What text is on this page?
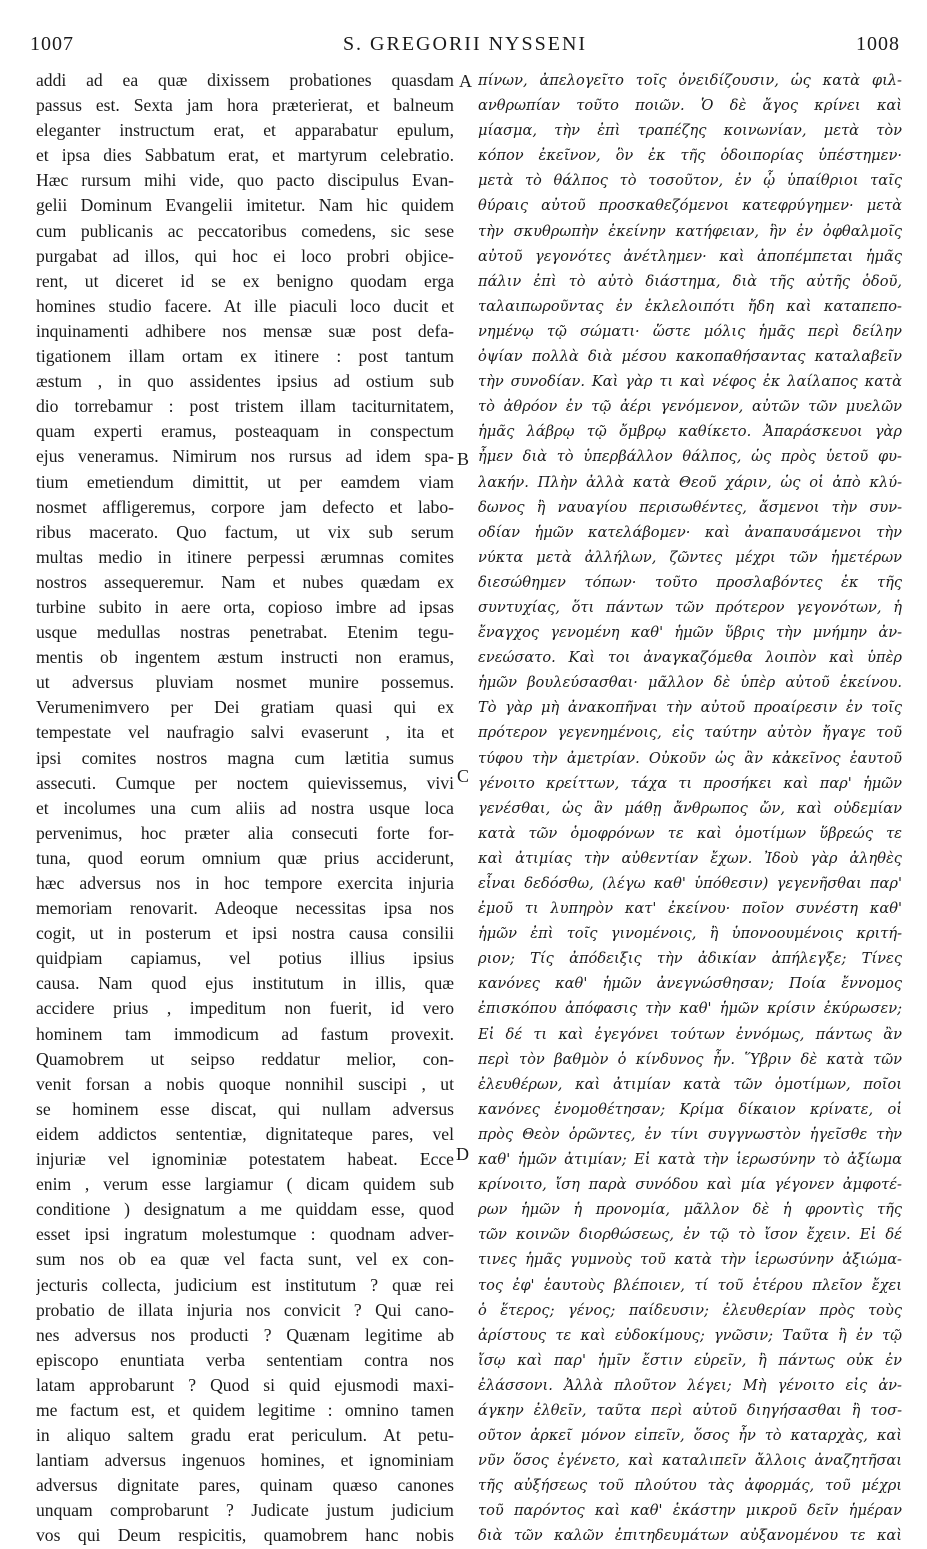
1007	S. GREGORII NYSSENI	1008
addi ad ea quæ dixissem probationes quasdam
passus est. Sexta jam hora præterierat, et balneum
eleganter instructum erat, et apparabatur epulum,
et ipsa dies Sabbatum erat, et martyrum celebratio.
Hæc rursum mihi vide, quo pacto discipulus Evan-
gelii Dominum Evangelii imitetur. Nam hic quidem
cum publicanis ac peccatoribus comedens, sic sese
purgabat ad illos, qui hoc ei loco probri objice-
rent, ut diceret id se ex benigno quodam erga
homines studio facere. At ille piaculi loco ducit et
inquinamenti adhibere nos mensæ suæ post defa-
tigationem illam ortam ex itinere : post tantum
æstum , in quo assidentes ipsius ad ostium sub
dio torrebamur : post tristem illam taciturnitatem,
quam experti eramus, posteaquam in conspectum
ejus veneramus. Nimirum nos rursus ad idem spa-
tium emetiendum dimittit, ut per eamdem viam
nosmet affligeremus, corpore jam defecto et labo-
ribus macerato. Quo factum, ut vix sub serum
multas medio in itinere perpessi ærumnas comites
nostros assequeremur. Nam et nubes quædam ex
turbine subito in aere orta, copioso imbre ad ipsas
usque medullas nostras penetrabat. Etenim tegu-
mentis ob ingentem æstum instructi non eramus,
ut adversus pluviam nosmet munire possemus.
Verumenimvero per Dei gratiam quasi qui ex
tempestate vel naufragio salvi evaserunt , ita et
ipsi comites nostros magna cum lætitia sumus
assecuti. Cumque per noctem quievissemus, vivi
et incolumes una cum aliis ad nostra usque loca
pervenimus, hoc præter alia consecuti forte for-
tuna, quod eorum omnium quæ prius acciderunt,
hæc adversus nos in hoc tempore exercita injuria
memoriam renovarit. Adeoque necessitas ipsa nos
cogit, ut in posterum et ipsi nostra causa consilii
quidpiam capiamus, vel potius illius ipsius
causa. Nam quod ejus institutum in illis, quæ
accidere prius , impeditum non fuerit, id vero
hominem tam immodicum ad fastum provexit.
Quamobrem ut seipso reddatur melior, con-
venit forsan a nobis quoque nonnihil suscipi , ut
se hominem esse discat, qui nullam adversus
eidem addictos sententiæ, dignitateque pares, vel
injuriæ vel ignominiæ potestatem habeat. Ecce
enim , verum esse largiamur ( dicam quidem sub
conditione ) designatum a me quiddam esse, quod
esset ipsi ingratum molestumque : quodnam adver-
sum nos ob ea quæ vel facta sunt, vel ex con-
jecturis collecta, judicium est institutum ? quæ rei
probatio de illata injuria nos convicit ? Qui cano-
nes adversus nos producti ? Quænam legitime ab
episcopo enuntiata verba sententiam contra nos
latam approbarunt ? Quod si quid ejusmodi maxi-
me factum est, et quidem legitime : omnino tamen
in aliquo saltem gradu erat periculum. At petu-
lantiam adversus ingenuos homines, et ignominiam
adversus dignitate pares, quinam quæso canones
unquam comprobarunt ? Judicate justum judicium
vos qui Deum respicitis, quamobrem hanc nobis
A
B
C
D
πίνων, ἀπελογεῖτο τοῖς ὀνειδίζουσιν, ὡς κατὰ φιλ-
ανθρωπίαν τοῦτο ποιῶν. Ὁ δὲ ἄγος κρίνει καὶ
μίασμα, τὴν ἐπὶ τραπέζης κοινωνίαν, μετὰ τὸν
κόπον ἐκεῖνον, ὃν ἐκ τῆς ὁδοιπορίας ὑπέστημεν·
μετὰ τὸ θάλπος τὸ τοσοῦτον, ἐν ᾧ ὑπαίθριοι ταῖς
θύραις αὐτοῦ προσκαθεζόμενοι κατεφρύγημεν· μετὰ
τὴν σκυθρωπὴν ἐκείνην κατήφειαν, ἣν ἐν ὀφθαλμοῖς
αὐτοῦ γεγονότες ἀνέτλημεν· καὶ ἀποπέμπεται ἡμᾶς
πάλιν ἐπὶ τὸ αὐτὸ διάστημα, διὰ τῆς αὐτῆς ὁδοῦ,
ταλαιπωροῦντας ἐν ἐκλελοιπότι ἤδη καὶ καταπεπο-
νημένῳ τῷ σώματι· ὥστε μόλις ἡμᾶς περὶ δείλην
ὀψίαν πολλὰ διὰ μέσου κακοπαθήσαντας καταλαβεῖν
τὴν συνοδίαν. Καὶ γὰρ τι καὶ νέφος ἐκ λαίλαπος κατὰ
τὸ ἀθρόον ἐν τῷ ἀέρι γενόμενον, αὐτῶν τῶν μυελῶν
ἡμᾶς λάβρῳ τῷ ὄμβρῳ καθίκετο. Ἀπαράσκευοι γὰρ
ἦμεν διὰ τὸ ὑπερβάλλον θάλπος, ὡς πρὸς ὑετοῦ φυ-
λακήν. Πλὴν ἀλλὰ κατὰ Θεοῦ χάριν, ὡς οἱ ἀπὸ κλύ-
δωνος ἢ ναυαγίου περισωθέντες, ἄσμενοι τὴν συν-
οδίαν ἡμῶν κατελάβομεν· καὶ ἀναπαυσάμενοι τὴν
νύκτα μετὰ ἀλλήλων, ζῶντες μέχρι τῶν ἡμετέρων
διεσώθημεν τόπων· τοῦτο προσλαβόντες ἐκ τῆς
συντυχίας, ὅτι πάντων τῶν πρότερον γεγονότων, ἡ
ἔναγχος γενομένη καθ' ἡμῶν ὕβρις τὴν μνήμην ἀν-
ενεώσατο. Καὶ τοι ἀναγκαζόμεθα λοιπὸν καὶ ὑπὲρ
ἡμῶν βουλεύσασθαι· μᾶλλον δὲ ὑπὲρ αὐτοῦ ἐκείνου.
Τὸ γὰρ μὴ ἀνακοπῆναι τὴν αὐτοῦ προαίρεσιν ἐν τοῖς
πρότερον γεγενημένοις, εἰς ταύτην αὐτὸν ἤγαγε τοῦ
τύφου τὴν ἀμετρίαν. Οὐκοῦν ὡς ἂν κἀκεῖνος ἑαυτοῦ
γένοιτο κρείττων, τάχα τι προσήκει καὶ παρ' ἡμῶν
γενέσθαι, ὡς ἂν μάθῃ ἄνθρωπος ὤν, καὶ οὐδεμίαν
κατὰ τῶν ὁμοφρόνων τε καὶ ὁμοτίμων ὕβρεώς τε
καὶ ἀτιμίας τὴν αὐθεντίαν ἔχων. Ἰδοὺ γὰρ ἀληθὲς
εἶναι δεδόσθω, (λέγω καθ' ὑπόθεσιν) γεγενῆσθαι παρ'
ἐμοῦ τι λυπηρὸν κατ' ἐκείνου· ποῖον συνέστη καθ'
ἡμῶν ἐπὶ τοῖς γινομένοις, ἢ ὑπονοουμένοις κριτή-
ριον; Τίς ἀπόδειξις τὴν ἀδικίαν ἀπήλεγξε; Τίνες
κανόνες καθ' ἡμῶν ἀνεγνώσθησαν; Ποία ἔννομος
ἐπισκόπου ἀπόφασις τὴν καθ' ἡμῶν κρίσιν ἐκύρωσεν;
Εἰ δέ τι καὶ ἐγεγόνει τούτων ἐννόμως, πάντως ἂν
περὶ τὸν βαθμὸν ὁ κίνδυνος ἦν. Ὕβριν δὲ κατὰ τῶν
ἐλευθέρων, καὶ ἀτιμίαν κατὰ τῶν ὁμοτίμων, ποῖοι
κανόνες ἐνομοθέτησαν; Κρίμα δίκαιον κρίνατε, οἱ
πρὸς Θεὸν ὁρῶντες, ἐν τίνι συγγνωστὸν ἡγεῖσθε τὴν
καθ' ἡμῶν ἀτιμίαν; Εἰ κατὰ τὴν ἱερωσύνην τὸ ἀξίωμα
κρίνοιτο, ἴση παρὰ συνόδου καὶ μία γέγονεν ἀμφοτέ-
ρων ἡμῶν ἡ προνομία, μᾶλλον δὲ ἡ φροντὶς τῆς
τῶν κοινῶν διορθώσεως, ἐν τῷ τὸ ἴσον ἔχειν. Εἰ δέ
τινες ἡμᾶς γυμνοὺς τοῦ κατὰ τὴν ἱερωσύνην ἀξιώμα-
τος ἐφ' ἑαυτοὺς βλέποιεν, τί τοῦ ἑτέρου πλεῖον ἔχει
ὁ ἕτερος; γένος; παίδευσιν; ἐλευθερίαν πρὸς τοὺς
ἀρίστους τε καὶ εὐδοκίμους; γνῶσιν; Ταῦτα ἢ ἐν τῷ
ἴσῳ καὶ παρ' ἡμῖν ἔστιν εὑρεῖν, ἢ πάντως οὐκ ἐν
ἐλάσσονι. Ἀλλὰ πλοῦτον λέγει; Μὴ γένοιτο εἰς ἀν-
άγκην ἐλθεῖν, ταῦτα περὶ αὐτοῦ διηγήσασθαι ἢ τοσ-
οῦτον ἀρκεῖ μόνον εἰπεῖν, ὅσος ἦν τὸ καταρχὰς, καὶ
νῦν ὅσος ἐγένετο, καὶ καταλιπεῖν ἄλλοις ἀναζητῆσαι
τῆς αὐξήσεως τοῦ πλούτου τὰς ἀφορμάς, τοῦ μέχρι
τοῦ παρόντος καὶ καθ' ἑκάστην μικροῦ δεῖν ἡμέραν
διὰ τῶν καλῶν ἐπιτηδευμάτων αὐξανομένου τε καὶ
